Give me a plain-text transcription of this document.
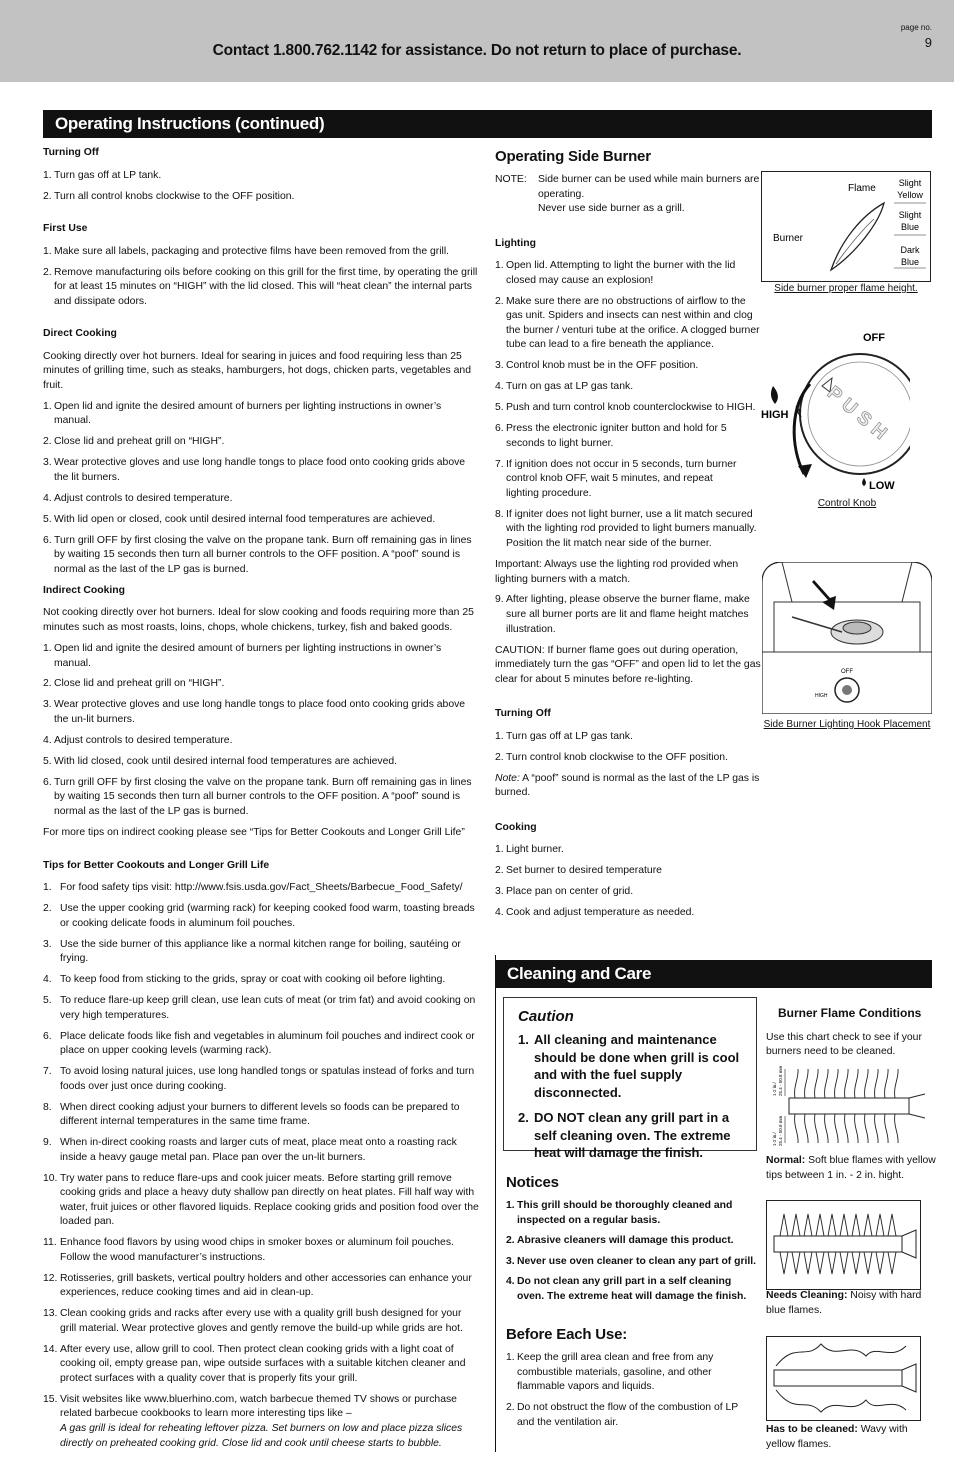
Contact 1.800.762.1142 for assistance. Do not return to place of purchase.
page no.
9
Operating Instructions (continued)
Turning Off
1. Turn gas off at LP tank.
2. Turn all control knobs clockwise to the OFF position.
First Use
1. Make sure all labels, packaging and protective films have been removed from the grill.
2. Remove manufacturing oils before cooking on this grill for the first time, by operating the grill for at least 15 minutes on “HIGH” with the lid closed. This will “heat clean” the internal parts and dissipate odors.
Direct Cooking

Cooking directly over hot burners. Ideal for searing in juices and food requiring less than 25 minutes of grilling time, such as steaks, hamburgers, hot dogs, chicken parts, vegetables and fruit.

1. Open lid and ignite the desired amount of burners per lighting instructions in owner’s manual.
2. Close lid and preheat grill on “HIGH”.
3. Wear protective gloves and use long handle tongs to place food onto cooking grids above the lit burners.
4. Adjust controls to desired temperature.
5. With lid open or closed, cook until desired internal food temperatures are achieved.
6. Turn grill OFF by first closing the valve on the propane tank. Burn off remaining gas in lines by waiting 15 seconds then turn all burner controls to the OFF position. A “poof” sound is normal as the last of the LP gas is burned.
Indirect Cooking

Not cooking directly over hot burners. Ideal for slow cooking and foods requiring more than 25 minutes such as most roasts, loins, chops, whole chickens, turkey, fish and baked goods.

1. Open lid and ignite the desired amount of burners per lighting instructions in owner’s manual.
2. Close lid and preheat grill on “HIGH”.
3. Wear protective gloves and use long handle tongs to place food onto cooking grids above the un-lit burners.
4. Adjust controls to desired temperature.
5. With lid closed, cook until desired internal food temperatures are achieved.
6. Turn grill OFF by first closing the valve on the propane tank. Burn off remaining gas in lines by waiting 15 seconds then turn all burner controls to the OFF position. A “poof” sound is normal as the last of the LP gas is burned.

For more tips on indirect cooking please see “Tips for Better Cookouts and Longer Grill Life”

Tips for Better Cookouts and Longer Grill Life
1. For food safety tips visit: http://www.fsis.usda.gov/Fact_Sheets/Barbecue_Food_Safety/
2. Use the upper cooking grid (warming rack) for keeping cooked food warm, toasting breads or cooking delicate foods in aluminum foil pouches.
3. Use the side burner of this appliance like a normal kitchen range for boiling, sautéing or frying.
4. To keep food from sticking to the grids, spray or coat with cooking oil before lighting.
5. To reduce flare-up keep grill clean, use lean cuts of meat (or trim fat) and avoid cooking on very high temperatures.
6. Place delicate foods like fish and vegetables in aluminum foil pouches and indirect cook or place on upper cooking levels (warming rack).
7. To avoid losing natural juices, use long handled tongs or spatulas instead of forks and turn foods over just once during cooking.
8. When direct cooking adjust your burners to different levels so foods can be prepared to different internal temperatures in the same time frame.
9. When in-direct cooking roasts and larger cuts of meat, place meat onto a roasting rack inside a heavy gauge metal pan. Place pan over the un-lit burners.
10. Try water pans to reduce flare-ups and cook juicer meats. Before starting grill remove cooking grids and place a heavy duty shallow pan directly on heat plates. Fill half way with water, fruit juices or other flavored liquids. Replace cooking grids and position food over the loaded pan.
11. Enhance food flavors by using wood chips in smoker boxes or aluminum foil pouches. Follow the wood manufacturer’s instructions.
12. Rotisseries, grill baskets, vertical poultry holders and other accessories can enhance your experiences, reduce cooking times and aid in clean-up.
13. Clean cooking grids and racks after every use with a quality grill bush designed for your grill material. Wear protective gloves and gently remove the build-up while grids are hot.
14. After every use, allow grill to cool. Then protect clean cooking grids with a light coat of cooking oil, empty grease pan, wipe outside surfaces with a suitable kitchen cleaner and protect surfaces with a quality cover that is properly fits your grill.
15. Visit websites like www.bluerhino.com, watch barbecue themed TV shows or purchase related barbecue cookbooks to learn more interesting tips like –
A gas grill is ideal for reheating leftover pizza. Set burners on low and place pizza slices directly on preheated cooking grid. Close lid and cook until cheese starts to bubble.
Operating Side Burner
NOTE: Side burner can be used while main burners are operating.
Never use side burner as a grill.
Lighting
1. Open lid. Attempting to light the burner with the lid closed may cause an explosion!
2. Make sure there are no obstructions of airflow to the gas unit. Spiders and insects can nest within and clog the burner / venturi tube at the orifice. A clogged burner tube can lead to a fire beneath the appliance.
3. Control knob must be in the OFF position.
4. Turn on gas at LP gas tank.
5. Push and turn control knob counterclockwise to HIGH.
6. Press the electronic igniter button and hold for 5 seconds to light burner.
7. If ignition does not occur in 5 seconds, turn burner control knob OFF, wait 5 minutes, and repeat lighting procedure.
8. If igniter does not light burner, use a lit match secured with the lighting rod provided to light burners manually. Position the lit match near side of the burner.

Important: Always use the lighting rod provided when lighting burners with a match.

9. After lighting, please observe the burner flame, make sure all burner ports are lit and flame height matches illustration.

CAUTION: If burner flame goes out during operation, immediately turn the gas “OFF” and open lid to let the gas clear for about 5 minutes before re-lighting.

Turning Off
1. Turn gas off at LP gas tank.
2. Turn control knob clockwise to the OFF position.

Note: A “poof” sound is normal as the last of the LP gas is burned.

Cooking
1. Light burner.
2. Set burner to desired temperature
3. Place pan on center of grid.
4. Cook and adjust temperature as needed.
Flame
Burner
Slight
Yellow
Slight
Blue
Dark
Blue
Side burner proper flame height.
PUSH
HIGH
OFF
LOW
Control Knob
OFF
HIGH
Side Burner Lighting Hook Placement
Cleaning and Care
Caution
1. All cleaning and maintenance should be done when grill is cool and with the fuel supply disconnected.
2. DO NOT clean any grill part in a self cleaning oven. The extreme heat will damage the finish.
Notices
1. This grill should be thoroughly cleaned and inspected on a regular basis.
2. Abrasive cleaners will damage this product.
3. Never use oven cleaner to clean any part of grill.
4. Do not clean any grill part in a self cleaning oven. The extreme heat will damage the finish.
Before Each Use:
1. Keep the grill area clean and free from any combustible materials, gasoline, and other flammable vapors and liquids.
2. Do not obstruct the flow of the combustion of LP and the ventilation air.
Burner Flame Conditions

Use this chart check to see if your burners need to be cleaned.

1-2 in./ 25.4 - 50.8 mm
1-2 in./ 25.4 - 50.8 mm
Normal: Soft blue flames with yellow tips between 1 in. - 2 in. hight.
Needs Cleaning: Noisy with hard blue flames.
Has to be cleaned: Wavy with yellow flames.
